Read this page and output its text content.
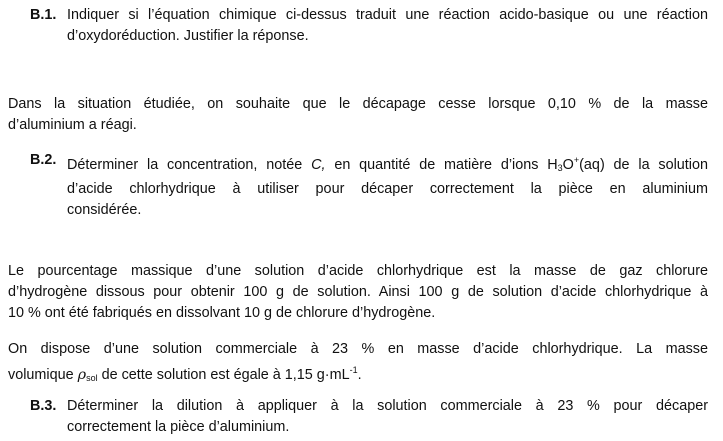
B.1. Indiquer si l’équation chimique ci-dessus traduit une réaction acido-basique ou une réaction
d’oxydoréduction. Justifier la réponse.
Dans la situation étudiée, on souhaite que le décapage cesse lorsque 0,10 % de la masse
d’aluminium a réagi.
B.2. Déterminer la concentration, notée C, en quantité de matière d’ions $H_3O^+(aq)$ de la solution
d’acide chlorhydrique à utiliser pour décaper correctement la pièce en aluminium
considérée.
Le pourcentage massique d’une solution d’acide chlorhydrique est la masse de gaz chlorure
d’hydrogène dissous pour obtenir 100 g de solution. Ainsi 100 g de solution d’acide chlorhydrique à
10 % ont été fabriqués en dissolvant 10 g de chlorure d’hydrogène.
On dispose d’une solution commerciale à 23 % en masse d’acide chlorhydrique. La masse
volumique $\rho_{sol}$ de cette solution est égale à 1,15 $g\cdot mL^{-1}$.
B.3. Déterminer la dilution à appliquer à la solution commerciale à 23 % pour décaper
correctement la pièce d’aluminium.
